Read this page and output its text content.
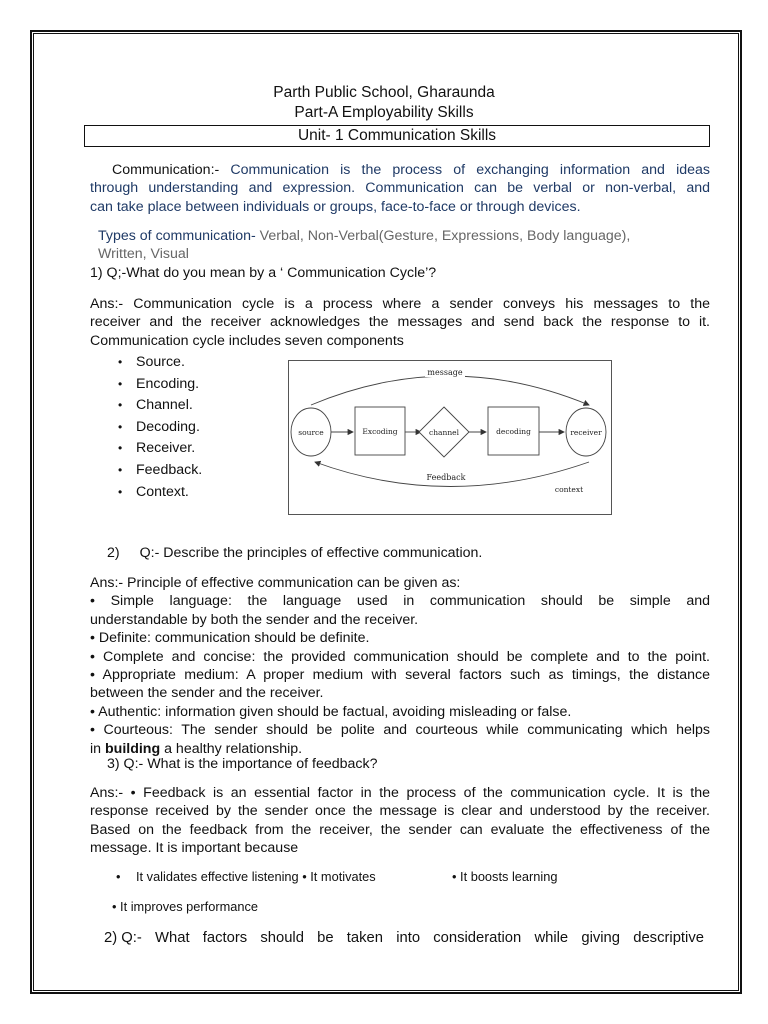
Parth Public School, Gharaunda
Part-A Employability Skills
Unit- 1 Communication Skills
Communication:- Communication is the process of exchanging information and ideas
through understanding and expression. Communication can be verbal or non-verbal, and
can take place between individuals or groups, face-to-face or through devices.
Types of communication- Verbal, Non-Verbal(Gesture, Expressions, Body language),
Written, Visual
1) Q;-What do you mean by a ‘ Communication Cycle’?
Ans:- Communication cycle is a process where a sender conveys his messages to the
receiver and the receiver acknowledges the messages and send back the response to it.
Communication cycle includes seven components
• Source.
• Encoding.
• Channel.
• Decoding.
• Receiver.
• Feedback.
• Context.
message
Feedback
source	Excoding	channel	decoding	receiver
context
2) Q:- Describe the principles of effective communication.
Ans:- Principle of effective communication can be given as:
• Simple language: the language used in communication should be simple and
understandable by both the sender and the receiver.
• Definite: communication should be definite.
• Complete and concise: the provided communication should be complete and to the point.
• Appropriate medium: A proper medium with several factors such as timings, the distance
between the sender and the receiver.
• Authentic: information given should be factual, avoiding misleading or false.
• Courteous: The sender should be polite and courteous while communicating which helps
in building a healthy relationship.
3) Q:- What is the importance of feedback?
Ans:- • Feedback is an essential factor in the process of the communication cycle. It is the
response received by the sender once the message is clear and understood by the receiver.
Based on the feedback from the receiver, the sender can evaluate the effectiveness of the
message. It is important because
• It validates effective listening • It motivates	• It boosts learning
• It improves performance
2) Q:- What factors should be taken into consideration while giving descriptive
